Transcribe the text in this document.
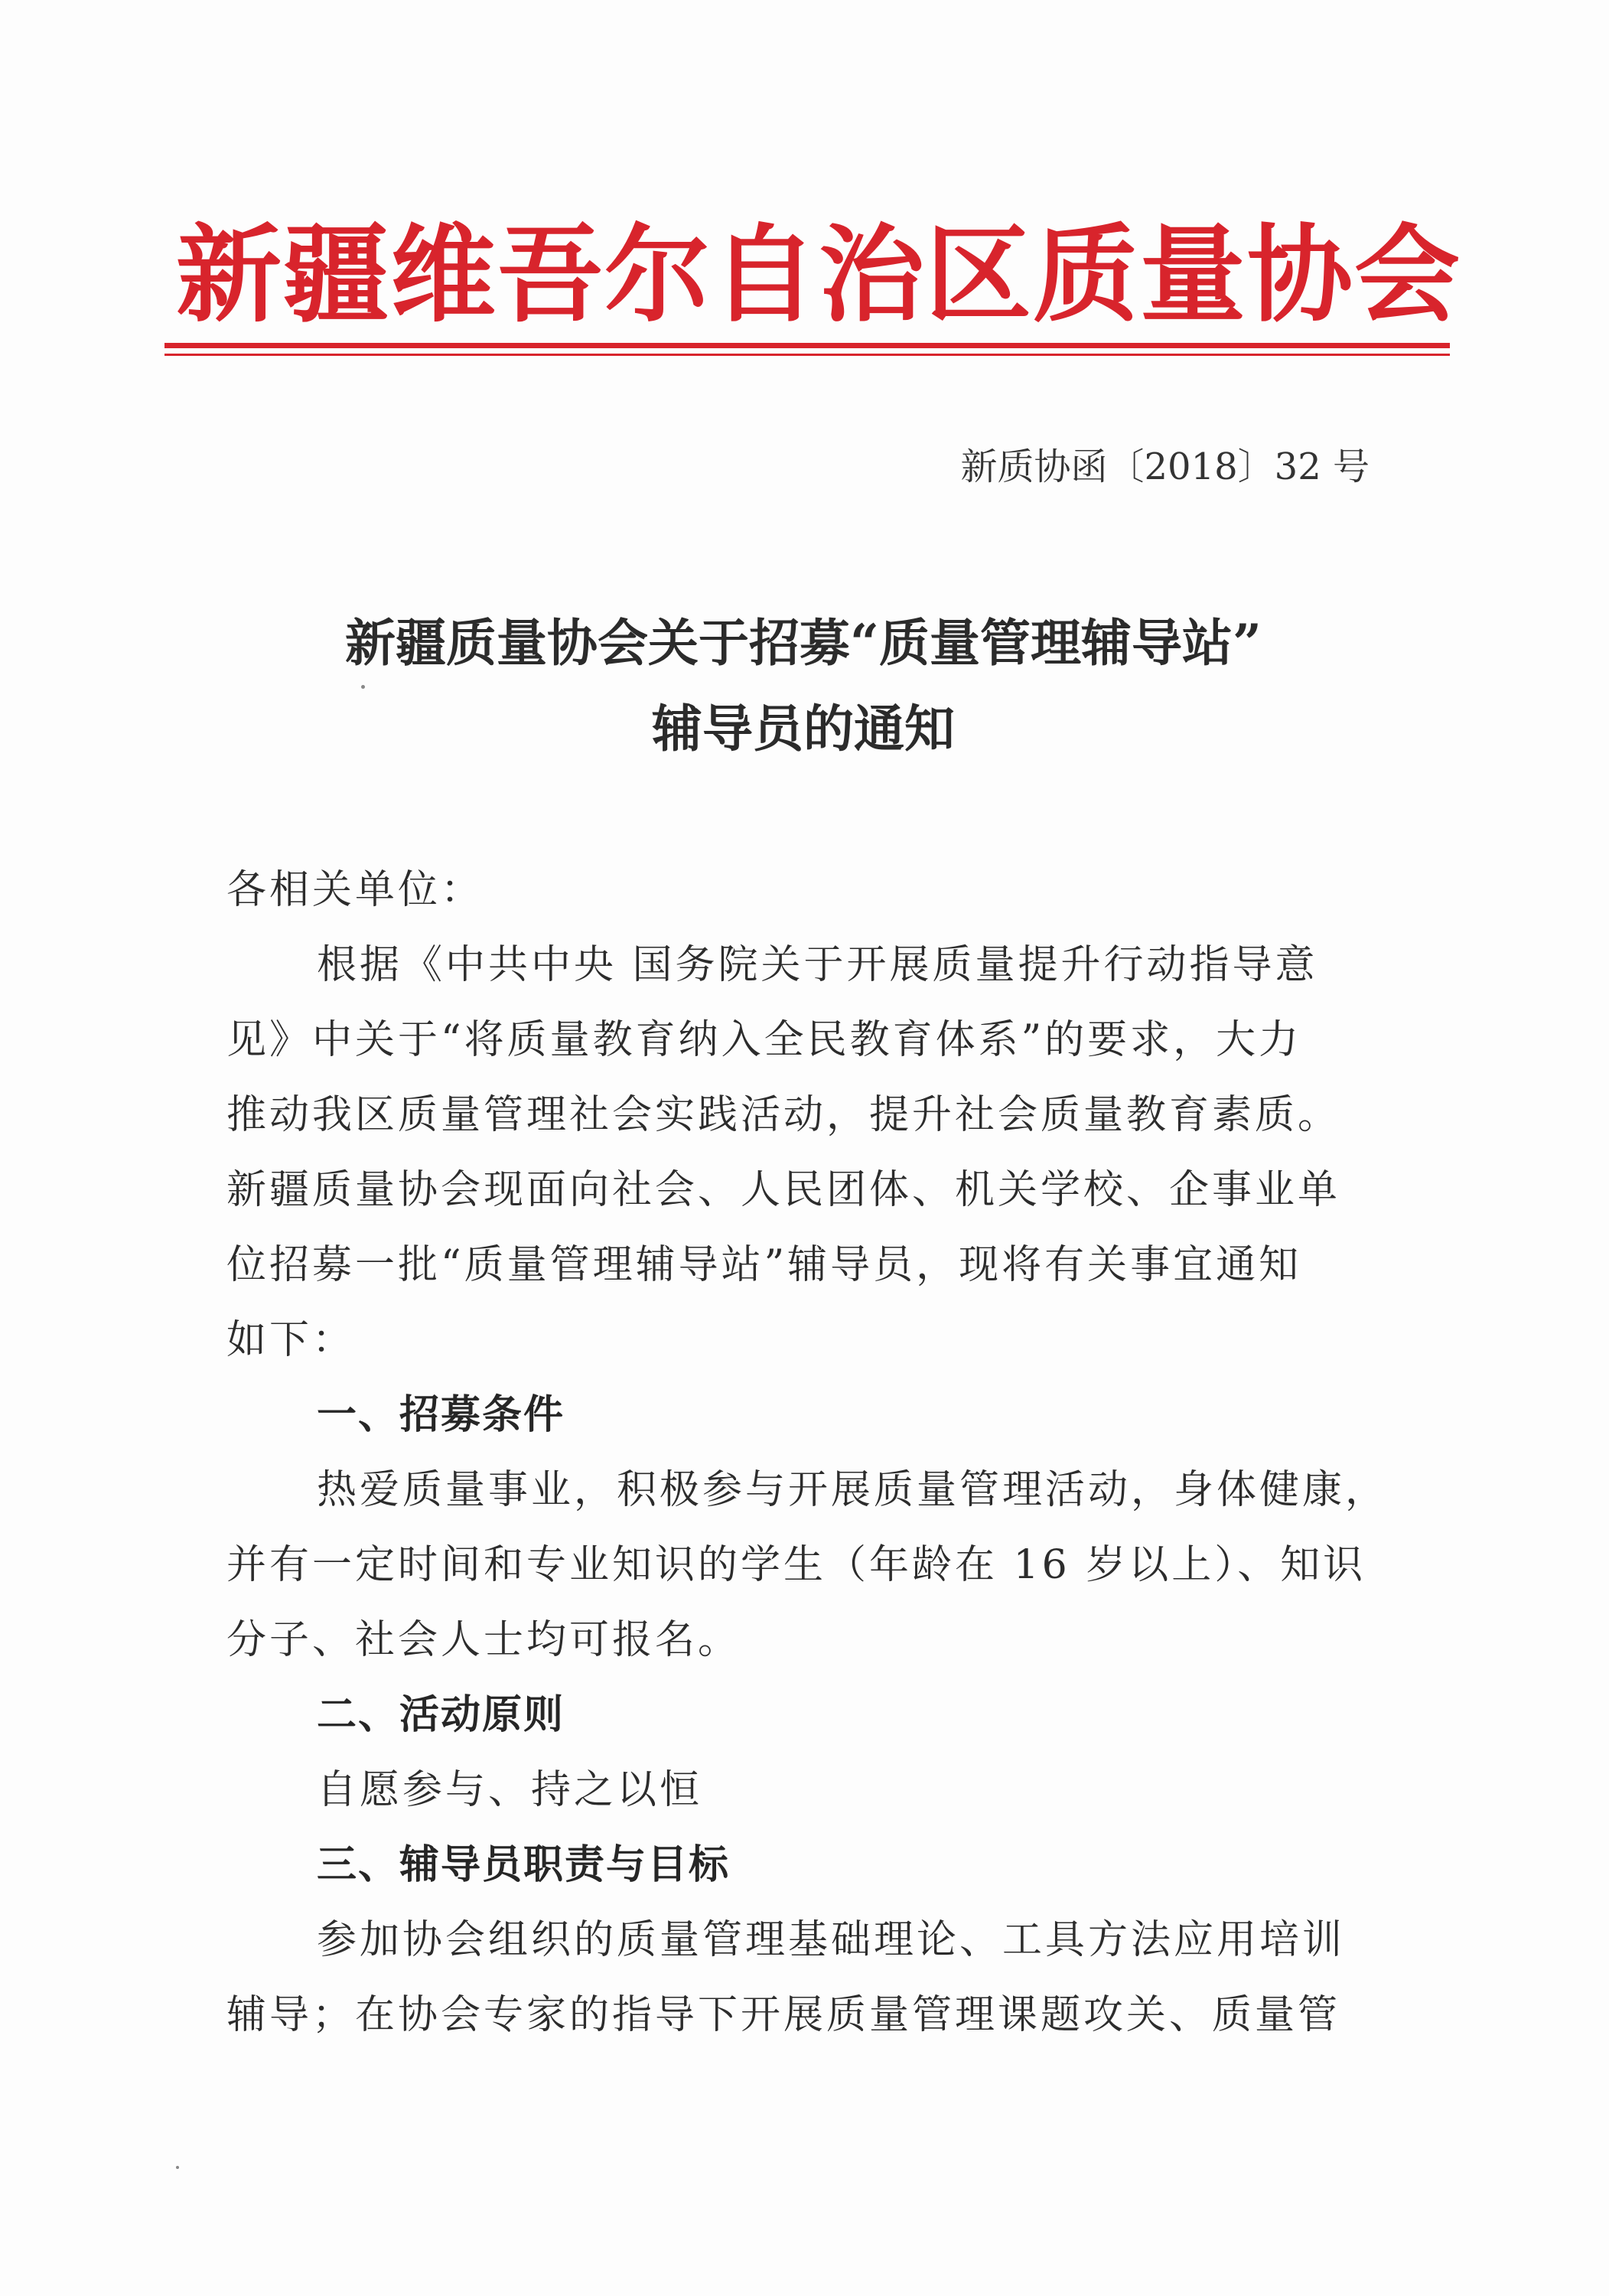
新疆维吾尔自治区质量协会
新质协函〔2018〕32 号
新疆质量协会关于招募“质量管理辅导站”
辅导员的通知
各相关单位：
根据《中共中央 国务院关于开展质量提升行动指导意
见》中关于“将质量教育纳入全民教育体系”的要求，大力
推动我区质量管理社会实践活动，提升社会质量教育素质。
新疆质量协会现面向社会、人民团体、机关学校、企事业单
位招募一批“质量管理辅导站”辅导员，现将有关事宜通知
如下：
一、招募条件
热爱质量事业，积极参与开展质量管理活动，身体健康，
并有一定时间和专业知识的学生（年龄在 16 岁以上）、知识
分子、社会人士均可报名。
二、活动原则
自愿参与、持之以恒
三、辅导员职责与目标
参加协会组织的质量管理基础理论、工具方法应用培训
辅导；在协会专家的指导下开展质量管理课题攻关、质量管
